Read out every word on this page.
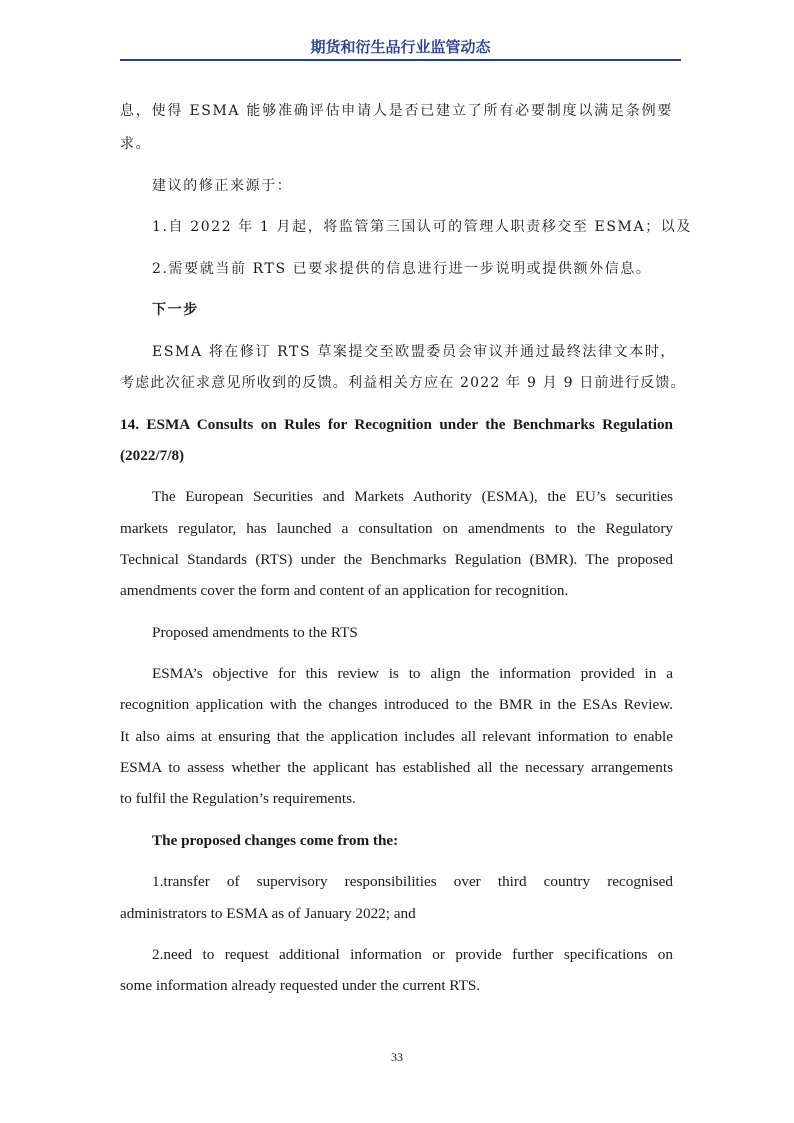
期货和衍生品行业监管动态
息，使得 ESMA 能够准确评估申请人是否已建立了所有必要制度以满足条例要
求。
建议的修正来源于：
1.自 2022 年 1 月起，将监管第三国认可的管理人职责移交至 ESMA；以及
2.需要就当前 RTS 已要求提供的信息进行进一步说明或提供额外信息。
下一步
ESMA 将在修订 RTS 草案提交至欧盟委员会审议并通过最终法律文本时，
考虑此次征求意见所收到的反馈。利益相关方应在 2022 年 9 月 9 日前进行反馈。
14. ESMA Consults on Rules for Recognition under the Benchmarks Regulation
(2022/7/8)
The European Securities and Markets Authority (ESMA), the EU’s securities
markets regulator, has launched a consultation on amendments to the Regulatory
Technical Standards (RTS) under the Benchmarks Regulation (BMR). The proposed
amendments cover the form and content of an application for recognition.
Proposed amendments to the RTS
ESMA’s objective for this review is to align the information provided in a
recognition application with the changes introduced to the BMR in the ESAs Review.
It also aims at ensuring that the application includes all relevant information to enable
ESMA to assess whether the applicant has established all the necessary arrangements
to fulfil the Regulation’s requirements.
The proposed changes come from the:
1.transfer of supervisory responsibilities over third country recognised
administrators to ESMA as of January 2022; and
2.need to request additional information or provide further specifications on
some information already requested under the current RTS.
33
